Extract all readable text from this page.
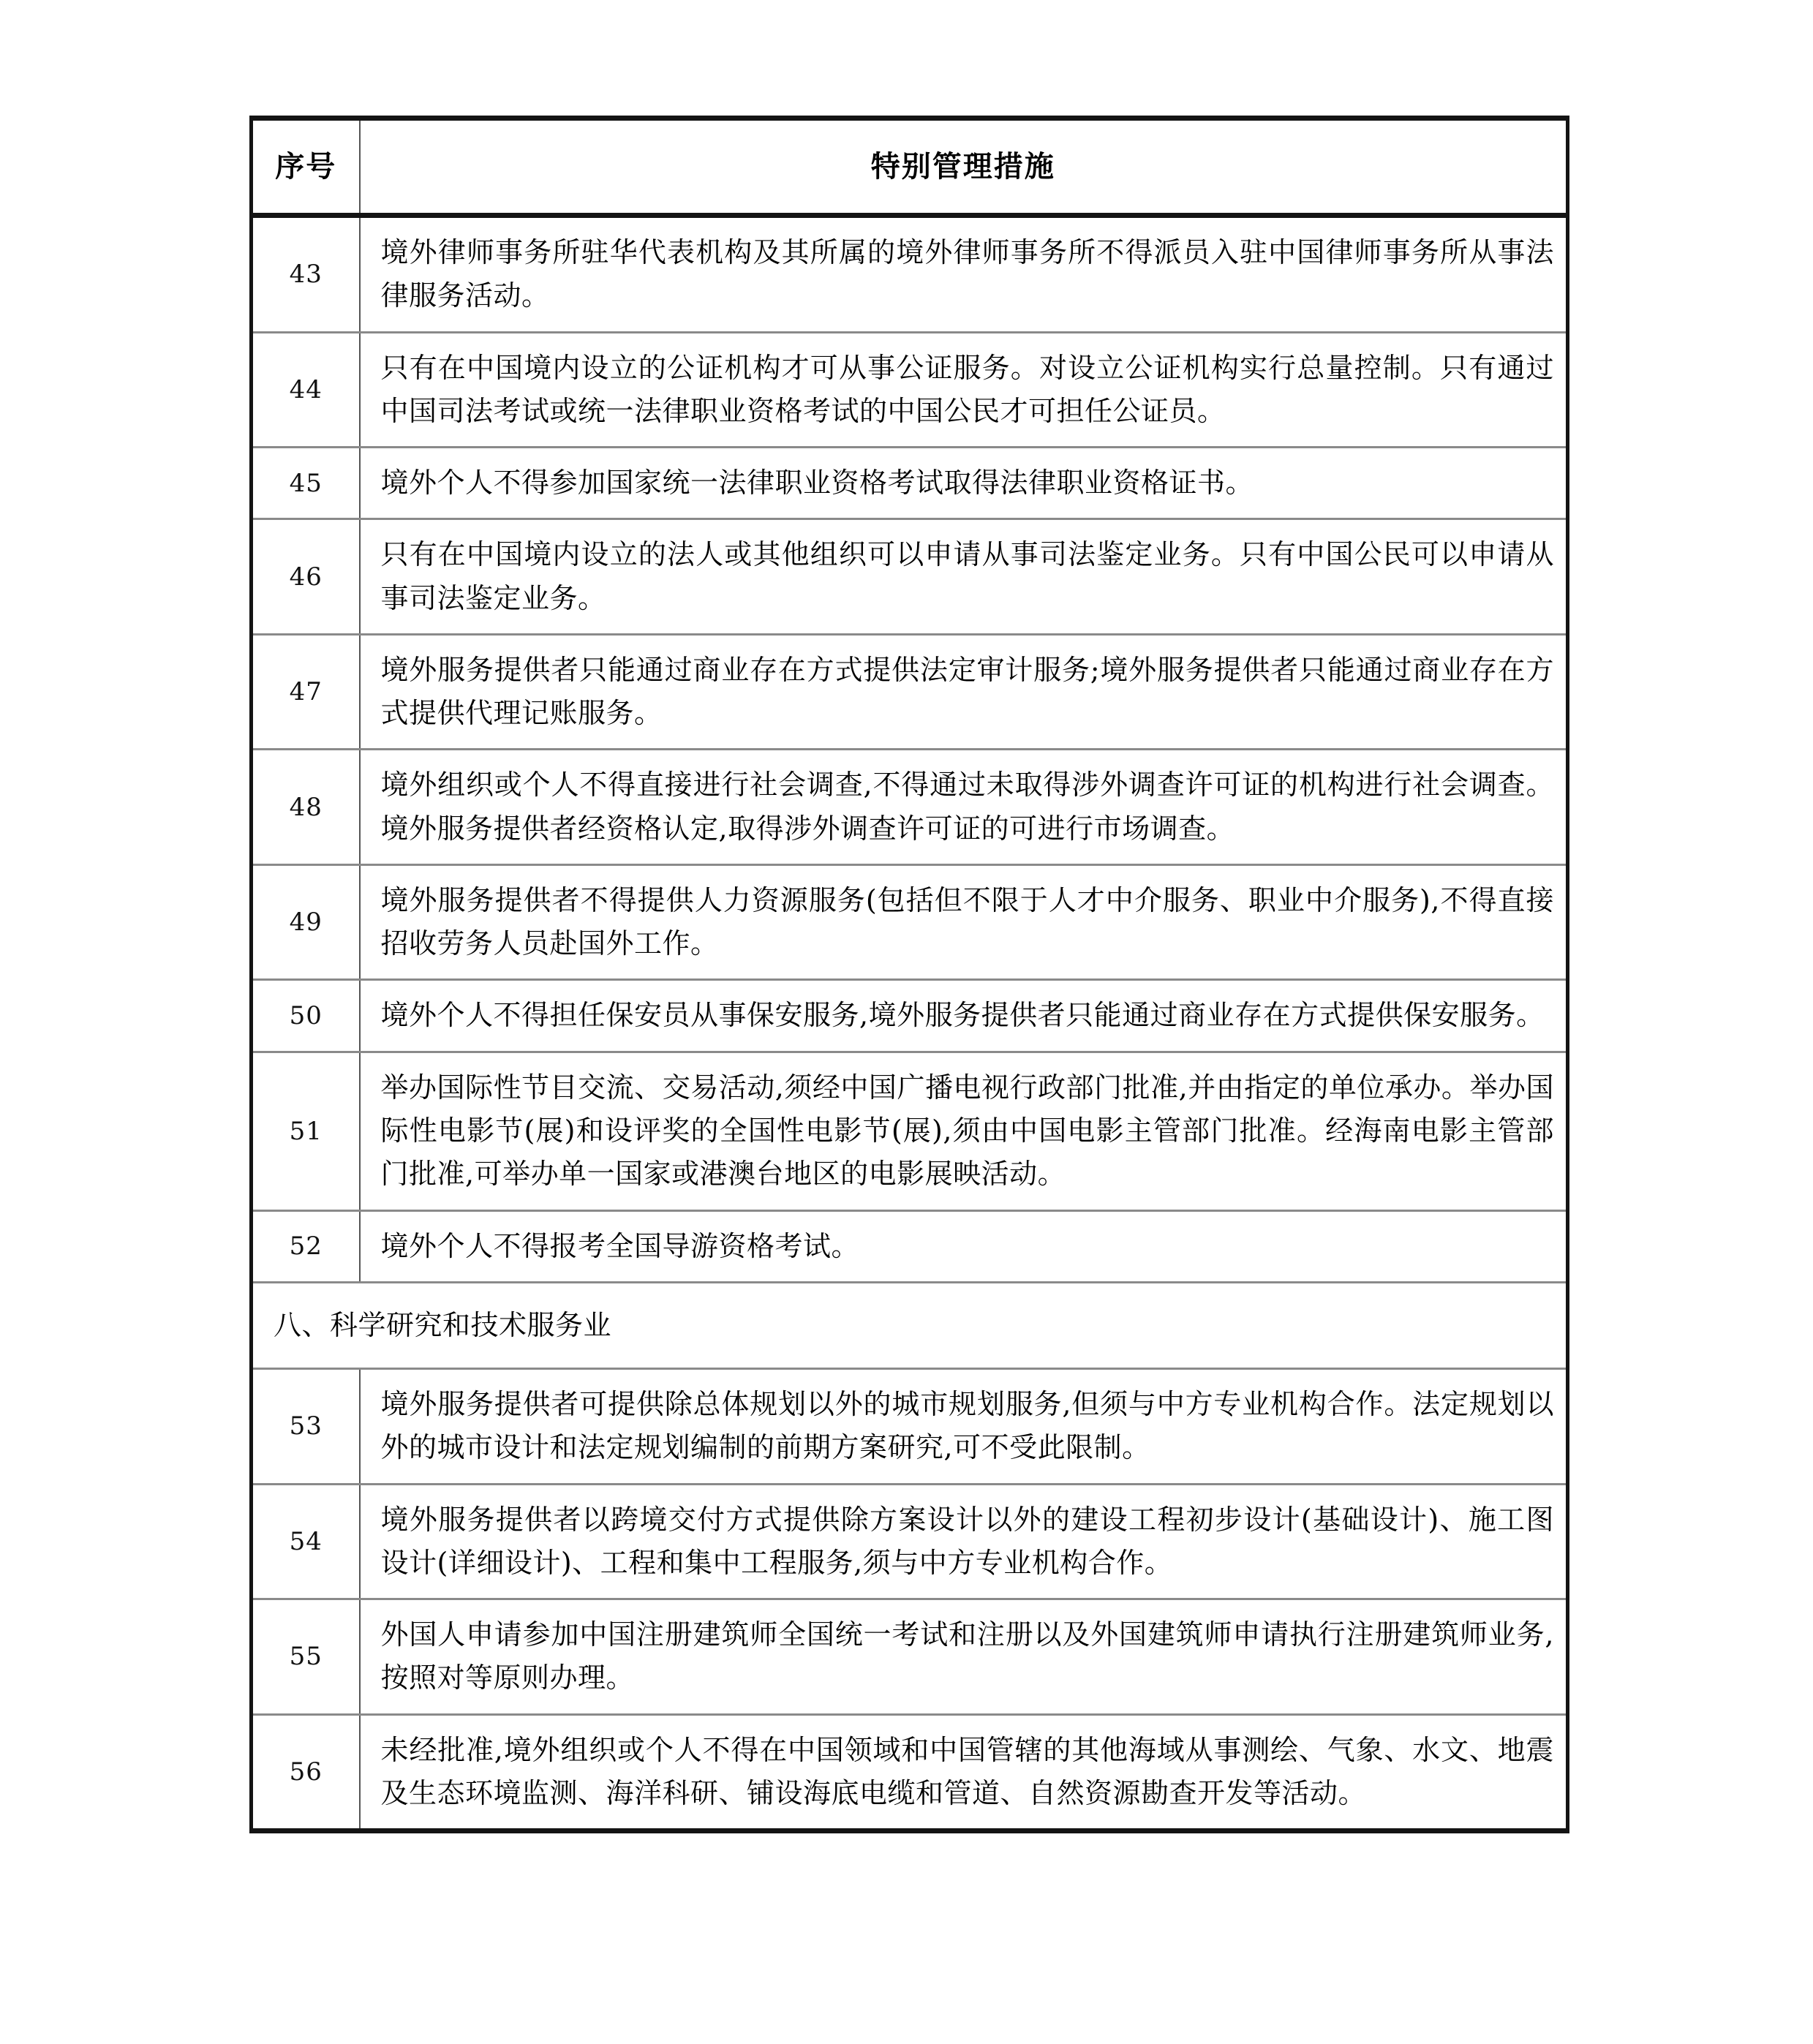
序号	特别管理措施

43	境外律师事务所驻华代表机构及其所属的境外律师事务所不得派员入驻中国律师事务所从事法律服务活动。

44	只有在中国境内设立的公证机构才可从事公证服务。对设立公证机构实行总量控制。只有通过中国司法考试或统一法律职业资格考试的中国公民才可担任公证员。

45	境外个人不得参加国家统一法律职业资格考试取得法律职业资格证书。

46	只有在中国境内设立的法人或其他组织可以申请从事司法鉴定业务。只有中国公民可以申请从事司法鉴定业务。

47	境外服务提供者只能通过商业存在方式提供法定审计服务;境外服务提供者只能通过商业存在方式提供代理记账服务。

48	境外组织或个人不得直接进行社会调查,不得通过未取得涉外调查许可证的机构进行社会调查。境外服务提供者经资格认定,取得涉外调查许可证的可进行市场调查。

49	境外服务提供者不得提供人力资源服务(包括但不限于人才中介服务、职业中介服务),不得直接招收劳务人员赴国外工作。

50	境外个人不得担任保安员从事保安服务,境外服务提供者只能通过商业存在方式提供保安服务。

51	举办国际性节目交流、交易活动,须经中国广播电视行政部门批准,并由指定的单位承办。举办国际性电影节(展)和设评奖的全国性电影节(展),须由中国电影主管部门批准。经海南电影主管部门批准,可举办单一国家或港澳台地区的电影展映活动。

52	境外个人不得报考全国导游资格考试。

八、科学研究和技术服务业	

53	境外服务提供者可提供除总体规划以外的城市规划服务,但须与中方专业机构合作。法定规划以外的城市设计和法定规划编制的前期方案研究,可不受此限制。

54	境外服务提供者以跨境交付方式提供除方案设计以外的建设工程初步设计(基础设计)、施工图设计(详细设计)、工程和集中工程服务,须与中方专业机构合作。

55	外国人申请参加中国注册建筑师全国统一考试和注册以及外国建筑师申请执行注册建筑师业务,按照对等原则办理。

56	未经批准,境外组织或个人不得在中国领域和中国管辖的其他海域从事测绘、气象、水文、地震及生态环境监测、海洋科研、铺设海底电缆和管道、自然资源勘查开发等活动。
